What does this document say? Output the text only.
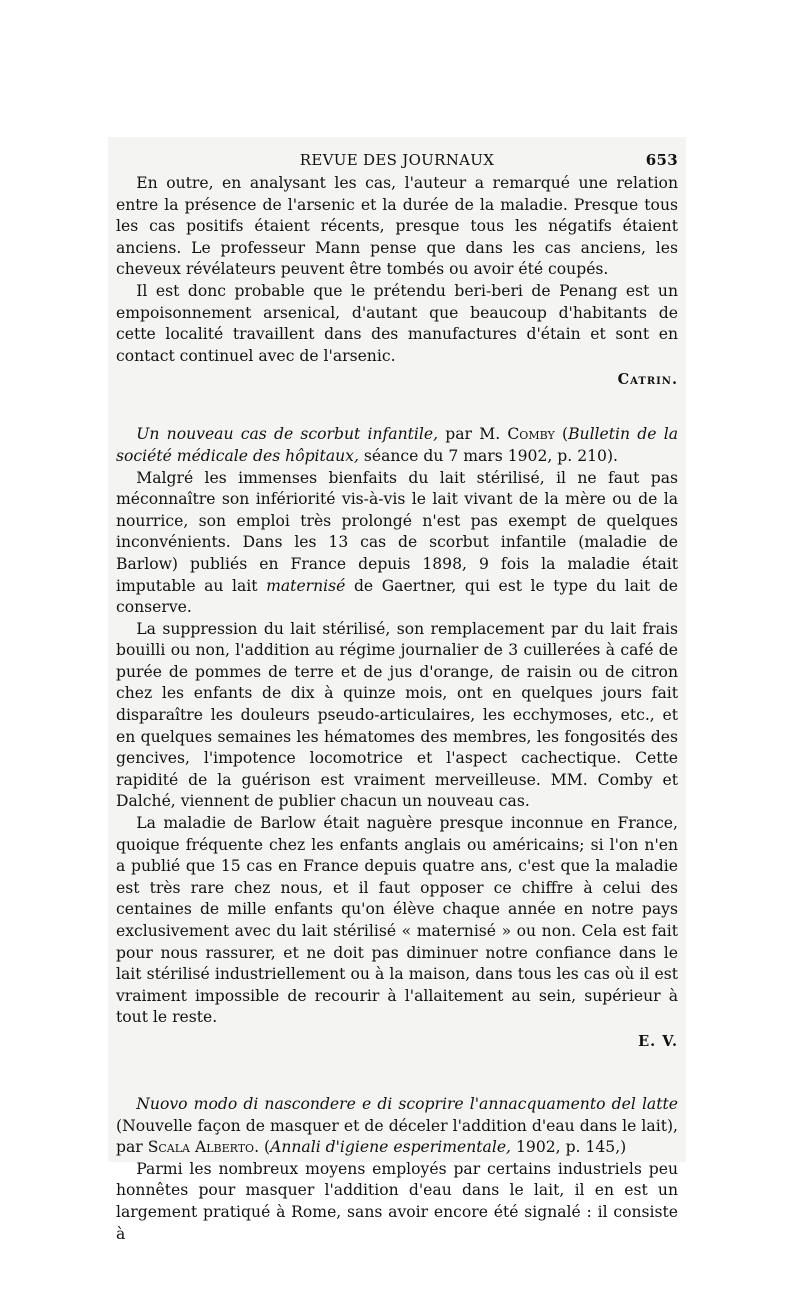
REVUE DES JOURNAUX	653

En outre, en analysant les cas, l'auteur a remarqué une relation entre la présence de l'arsenic et la durée de la maladie. Presque tous les cas positifs étaient récents, presque tous les négatifs étaient anciens. Le professeur Mann pense que dans les cas anciens, les cheveux révélateurs peuvent être tombés ou avoir été coupés.

Il est donc probable que le prétendu beri-beri de Penang est un empoisonnement arsenical, d'autant que beaucoup d'habitants de cette localité travaillent dans des manufactures d'étain et sont en contact continuel avec de l'arsenic.

Catrin.

Un nouveau cas de scorbut infantile, par M. Comby (Bulletin de la société médicale des hôpitaux, séance du 7 mars 1902, p. 210).

Malgré les immenses bienfaits du lait stérilisé, il ne faut pas méconnaître son infériorité vis-à-vis le lait vivant de la mère ou de la nourrice, son emploi très prolongé n'est pas exempt de quelques inconvénients. Dans les 13 cas de scorbut infantile (maladie de Barlow) publiés en France depuis 1898, 9 fois la maladie était imputable au lait maternisé de Gaertner, qui est le type du lait de conserve.

La suppression du lait stérilisé, son remplacement par du lait frais bouilli ou non, l'addition au régime journalier de 3 cuillerées à café de purée de pommes de terre et de jus d'orange, de raisin ou de citron chez les enfants de dix à quinze mois, ont en quelques jours fait disparaître les douleurs pseudo-articulaires, les ecchymoses, etc., et en quelques semaines les hématomes des membres, les fongosités des gencives, l'impotence locomotrice et l'aspect cachectique. Cette rapidité de la guérison est vraiment merveilleuse. MM. Comby et Dalché, viennent de publier chacun un nouveau cas.

La maladie de Barlow était naguère presque inconnue en France, quoique fréquente chez les enfants anglais ou américains; si l'on n'en a publié que 15 cas en France depuis quatre ans, c'est que la maladie est très rare chez nous, et il faut opposer ce chiffre à celui des centaines de mille enfants qu'on élève chaque année en notre pays exclusivement avec du lait stérilisé « maternisé » ou non. Cela est fait pour nous rassurer, et ne doit pas diminuer notre confiance dans le lait stérilisé industriellement ou à la maison, dans tous les cas où il est vraiment impossible de recourir à l'allaitement au sein, supérieur à tout le reste.

E. V.

Nuovo modo di nascondere e di scoprire l'annacquamento del latte (Nouvelle façon de masquer et de déceler l'addition d'eau dans le lait), par Scala Alberto. (Annali d'igiene esperimentale, 1902, p. 145,)

Parmi les nombreux moyens employés par certains industriels peu honnêtes pour masquer l'addition d'eau dans le lait, il en est un largement pratiqué à Rome, sans avoir encore été signalé : il consiste à
